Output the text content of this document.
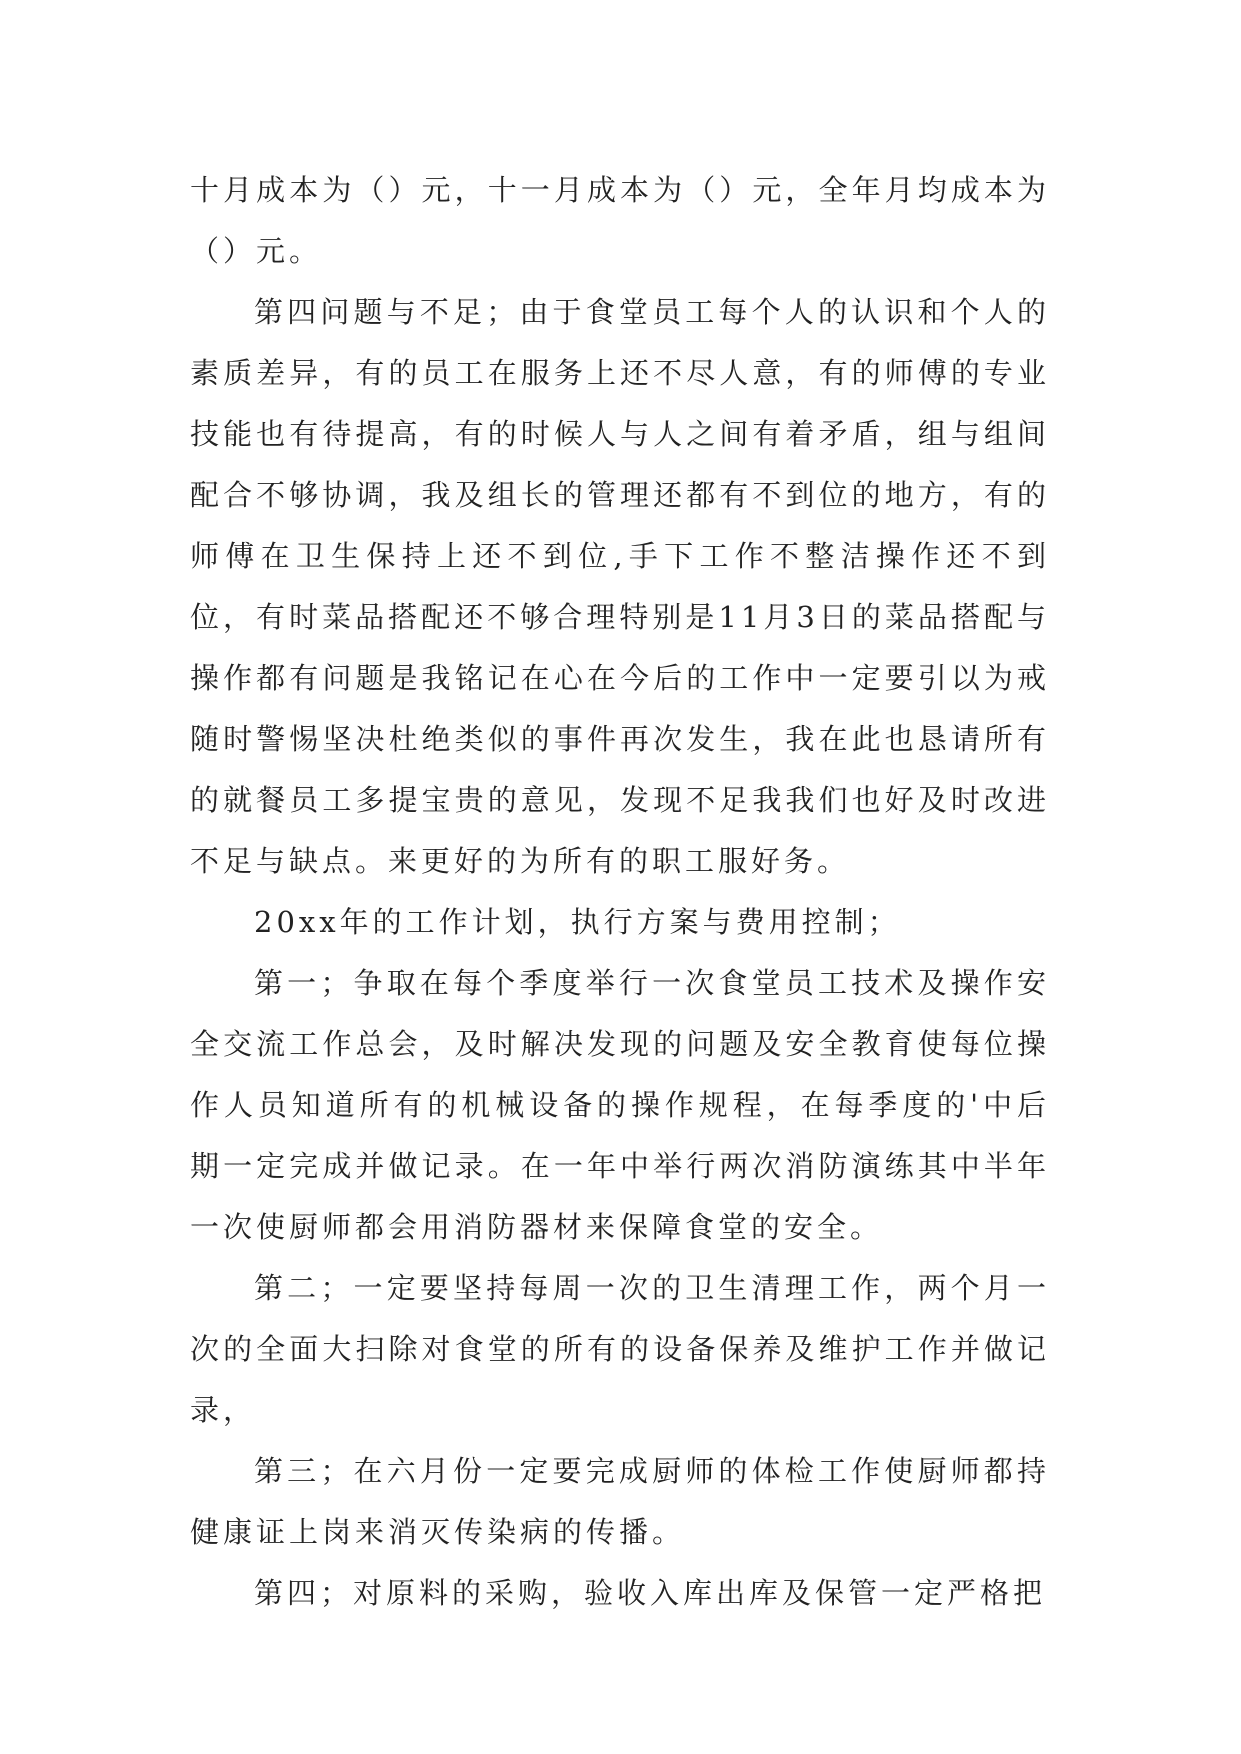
十月成本为（）元，十一月成本为（）元，全年月均成本为（）元。

第四问题与不足；由于食堂员工每个人的认识和个人的素质差异，有的员工在服务上还不尽人意，有的师傅的专业技能也有待提高，有的时候人与人之间有着矛盾，组与组间配合不够协调，我及组长的管理还都有不到位的地方，有的师傅在卫生保持上还不到位,手下工作不整洁操作还不到位，有时菜品搭配还不够合理特别是11月3日的菜品搭配与操作都有问题是我铭记在心在今后的工作中一定要引以为戒随时警惕坚决杜绝类似的事件再次发生，我在此也恳请所有的就餐员工多提宝贵的意见，发现不足我我们也好及时改进不足与缺点。来更好的为所有的职工服好务。

20xx年的工作计划，执行方案与费用控制；

第一；争取在每个季度举行一次食堂员工技术及操作安全交流工作总会，及时解决发现的问题及安全教育使每位操作人员知道所有的机械设备的操作规程，在每季度的'中后期一定完成并做记录。在一年中举行两次消防演练其中半年一次使厨师都会用消防器材来保障食堂的安全。

第二；一定要坚持每周一次的卫生清理工作，两个月一次的全面大扫除对食堂的所有的设备保养及维护工作并做记录，

第三；在六月份一定要完成厨师的体检工作使厨师都持健康证上岗来消灭传染病的传播。

第四；对原料的采购，验收入库出库及保管一定严格把
